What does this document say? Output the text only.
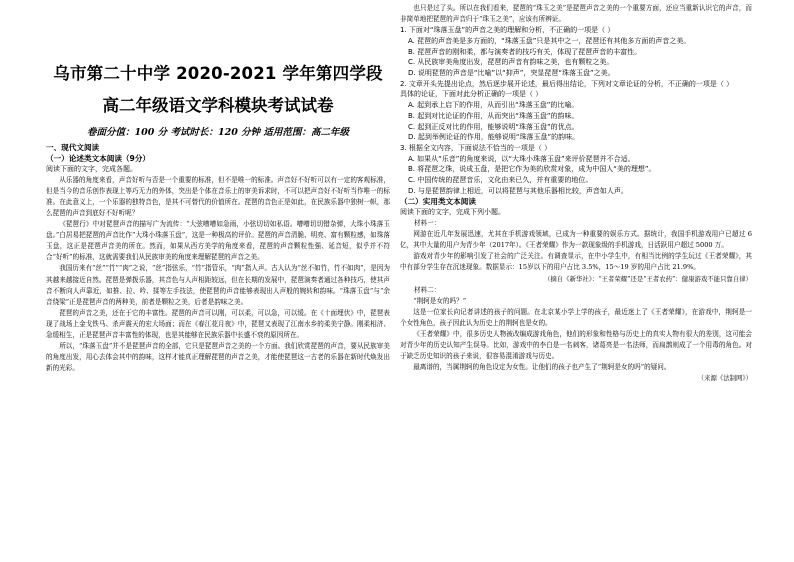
乌市第二十中学 2020-2021 学年第四学段
高二年级语文学科模块考试试卷
卷面分值：100 分 考试时长：120 分钟 适用范围：高二年级

一、现代文阅读

（一）论述类文本阅读（9分）

阅读下面的文字，完成各题。

从乐器的角度来看，声音好听与否是一个重要的标准，但不是唯一的标准。声音好不好听可以有一定的客观标准，但是当今的音乐创作表现上等巧无力的外体，突出是个体在音乐上的审美诉求时，不可以把声音好不好听当作唯一的标准。在此意义上，一个乐器的独特音色，是其不可替代的价值所在。琵琶的音色正是如此，在民族乐器中独树一帜，那么琵琶的声音到底好不好听呢？

《琵琶行》中对琵琶声音的描写广为流传：“大弦嘈嘈如急雨，小弦切切如私语。嘈嘈切切错杂弹，大珠小珠落玉盘。”白居易把琵琶的声音比作“大珠小珠落玉盘”，这是一种极高的评价。琵琶的声音清脆、明亮、富有颗粒感，如珠落玉盘，这正是琵琶声音美的所在。然而，如果从西方美学的角度来看，琵琶的声音颗粒性强、延音短，似乎并不符合“好听”的标准，这就需要我们从民族审美的角度来理解琵琶的声音之美。

我国历来有“丝”“竹”“肉”之说，“丝”指弦乐，“竹”指管乐，“肉”指人声。古人认为“丝不如竹，竹不如肉”，是因为其越来越接近自然。琵琶是弹拨乐器，其音色与人声相距较远，但在长期的发展中，琵琶演奏者通过各种技巧，使其声音不断向人声靠近，如推、拉、吟、揉等左手技法，使琵琶的声音能够表现出人声般的婉转和韵味。“珠落玉盘”与“余音绕梁”正是琵琶声音的两种美，前者是颗粒之美，后者是韵味之美。

琵琶的声音之美，还在于它的丰富性。琵琶的声音可以刚，可以柔，可以急，可以缓。在《十面埋伏》中，琵琶表现了战场上金戈铁马、杀声震天的宏大场面；而在《春江花月夜》中，琵琶又表现了江南水乡的柔美宁静。刚柔相济、急缓相生，正是琵琶声音丰富性的体现，也是其能够在民族乐器中长盛不衰的原因所在。

所以，“珠落玉盘”并不是琵琶声音的全部，它只是琵琶声音之美的一个方面。我们欣赏琵琶的声音，要从民族审美的角度出发，用心去体会其中的韵味，这样才能真正理解琵琶的声音之美，才能使琵琶这一古老的乐器在新时代焕发出新的光彩。

也只是过了头。所以在我们看来，琵琶的“珠玉之美”是琵琶声音之美的一个重要方面，还应当重新认识它的声音，而非简单地把琵琶的声音归于“珠玉之美”，应该有所辨证。

1. 下面对“珠落玉盘”的声音之美的理解和分析，不正确的一项是（ ）

A. 琵琶的声音美是多方面的，“珠落玉盘”只是其中之一，琵琶还有其他多方面的声音之美。

B. 琵琶声音的刚和柔，都与演奏者的技巧有关，体现了琵琶声音的丰富性。

C. 从民族审美角度出发，琵琶的声音有韵味之美，也有颗粒之美。

D. 说明琵琶的声音是“比喻”以“抑声”，突显琵琶“珠落玉盘”之美。

2. 文章开头先提出论点，然后逐步展开论述，最后得出结论，下列对文章论证的分析，不正确的一项是（ ）

具体的论证，下面对此分析正确的一项是（ ）

A. 起到承上启下的作用，从而引出“珠落玉盘”的比喻。

B. 起到对比论证的作用，从而突出“珠落玉盘”的韵味。

C. 起到正反对比的作用，能够说明“珠落玉盘”的优点。

D. 起到举例论证的作用，能够说明“珠落玉盘”的韵味。

3. 根据全文内容，下面说法不恰当的一项是（ ）

A. 如果从“乐音”的角度来说，以“大珠小珠落玉盘”来评价琵琶并不合适。

B. 将琵琶之珠，说成玉盘，是把它作为美的欣赏对象，成为中国人“美的理想”。

C. 中国传统的琵琶音乐，文化由来已久，并有重要的地位。

D. 与是琵琶韵律上相近，可以将琵琶与其他乐器相比较，声音如人声。

（二）实用类文本阅读

阅读下面的文字，完成下列小题。

材料一：

网游在近几年发展迅速，尤其在手机游戏领域，已成为一种重要的娱乐方式。据统计，我国手机游戏用户已超过 6 亿，其中大量的用户为青少年（2017年）。《王者荣耀》作为一款现象级的手机游戏，日活跃用户超过 5000 万。

游戏对青少年的影响引发了社会的广泛关注。有调查显示，在中小学生中，有相当比例的学生玩过《王者荣耀》，其中有部分学生存在沉迷现象。数据显示：15岁以下的用户占比 3.5%，15～19 岁的用户占比 21.9%。

（摘自《新华社》：“王者荣耀”还是“王者农药”：健康游戏不能只靠自律）

材料二：

“荆轲是女的吗？”

这是一位家长向记者讲述的孩子的问题。在北京某小学上学的孩子，最近迷上了《王者荣耀》，在游戏中，荆轲是一个女性角色，孩子因此认为历史上的荆轲也是女的。

《王者荣耀》中，很多历史人物被改编成游戏角色，他们的形象和性格与历史上的真实人物有很大的差别，这可能会对青少年的历史认知产生误导。比如，游戏中的李白是一名刺客，诸葛亮是一名法师，而扁鹊则成了一个用毒的角色。对于缺乏历史知识的孩子来说，很容易混淆游戏与历史。

最离谱的，当属荆轲的角色设定为女性。让他们的孩子也产生了“荆轲是女的吗”的疑问。

（来源《法制网》）
